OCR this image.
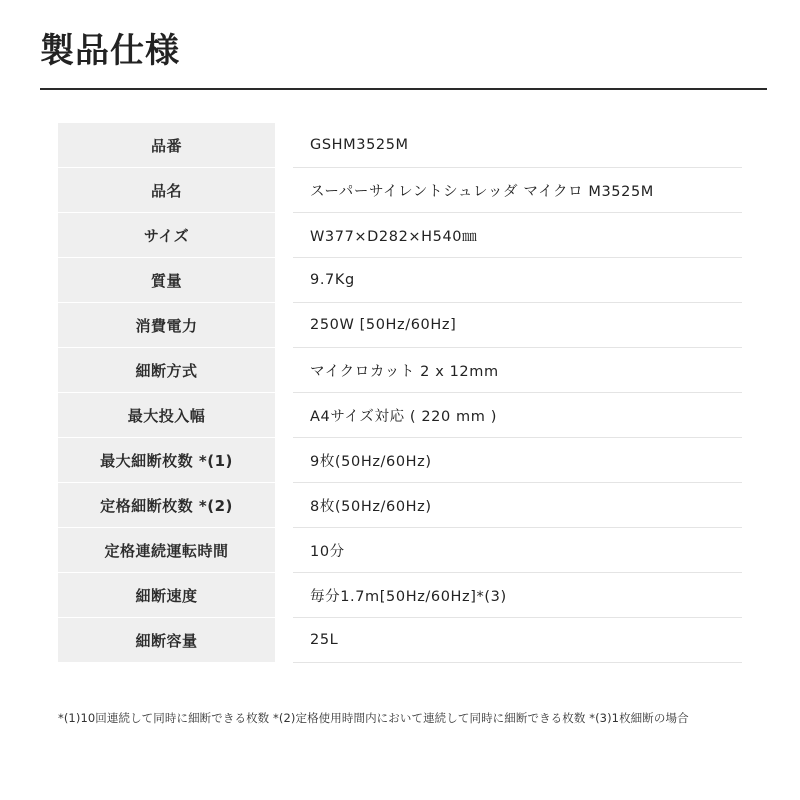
製品仕様
品番	GSHM3525M
品名	スーパーサイレントシュレッダ マイクロ M3525M
サイズ	W377×D282×H540㎜
質量	9.7Kg
消費電力	250W [50Hz/60Hz]
細断方式	マイクロカット 2 x 12mm
最大投入幅	A4サイズ対応 ( 220 mm )
最大細断枚数 *(1)	9枚(50Hz/60Hz)
定格細断枚数 *(2)	8枚(50Hz/60Hz)
定格連続運転時間	10分
細断速度	毎分1.7m[50Hz/60Hz]*(3)
細断容量	25L
*(1)10回連続して同時に細断できる枚数 *(2)定格使用時間内において連続して同時に細断できる枚数 *(3)1枚細断の場合
